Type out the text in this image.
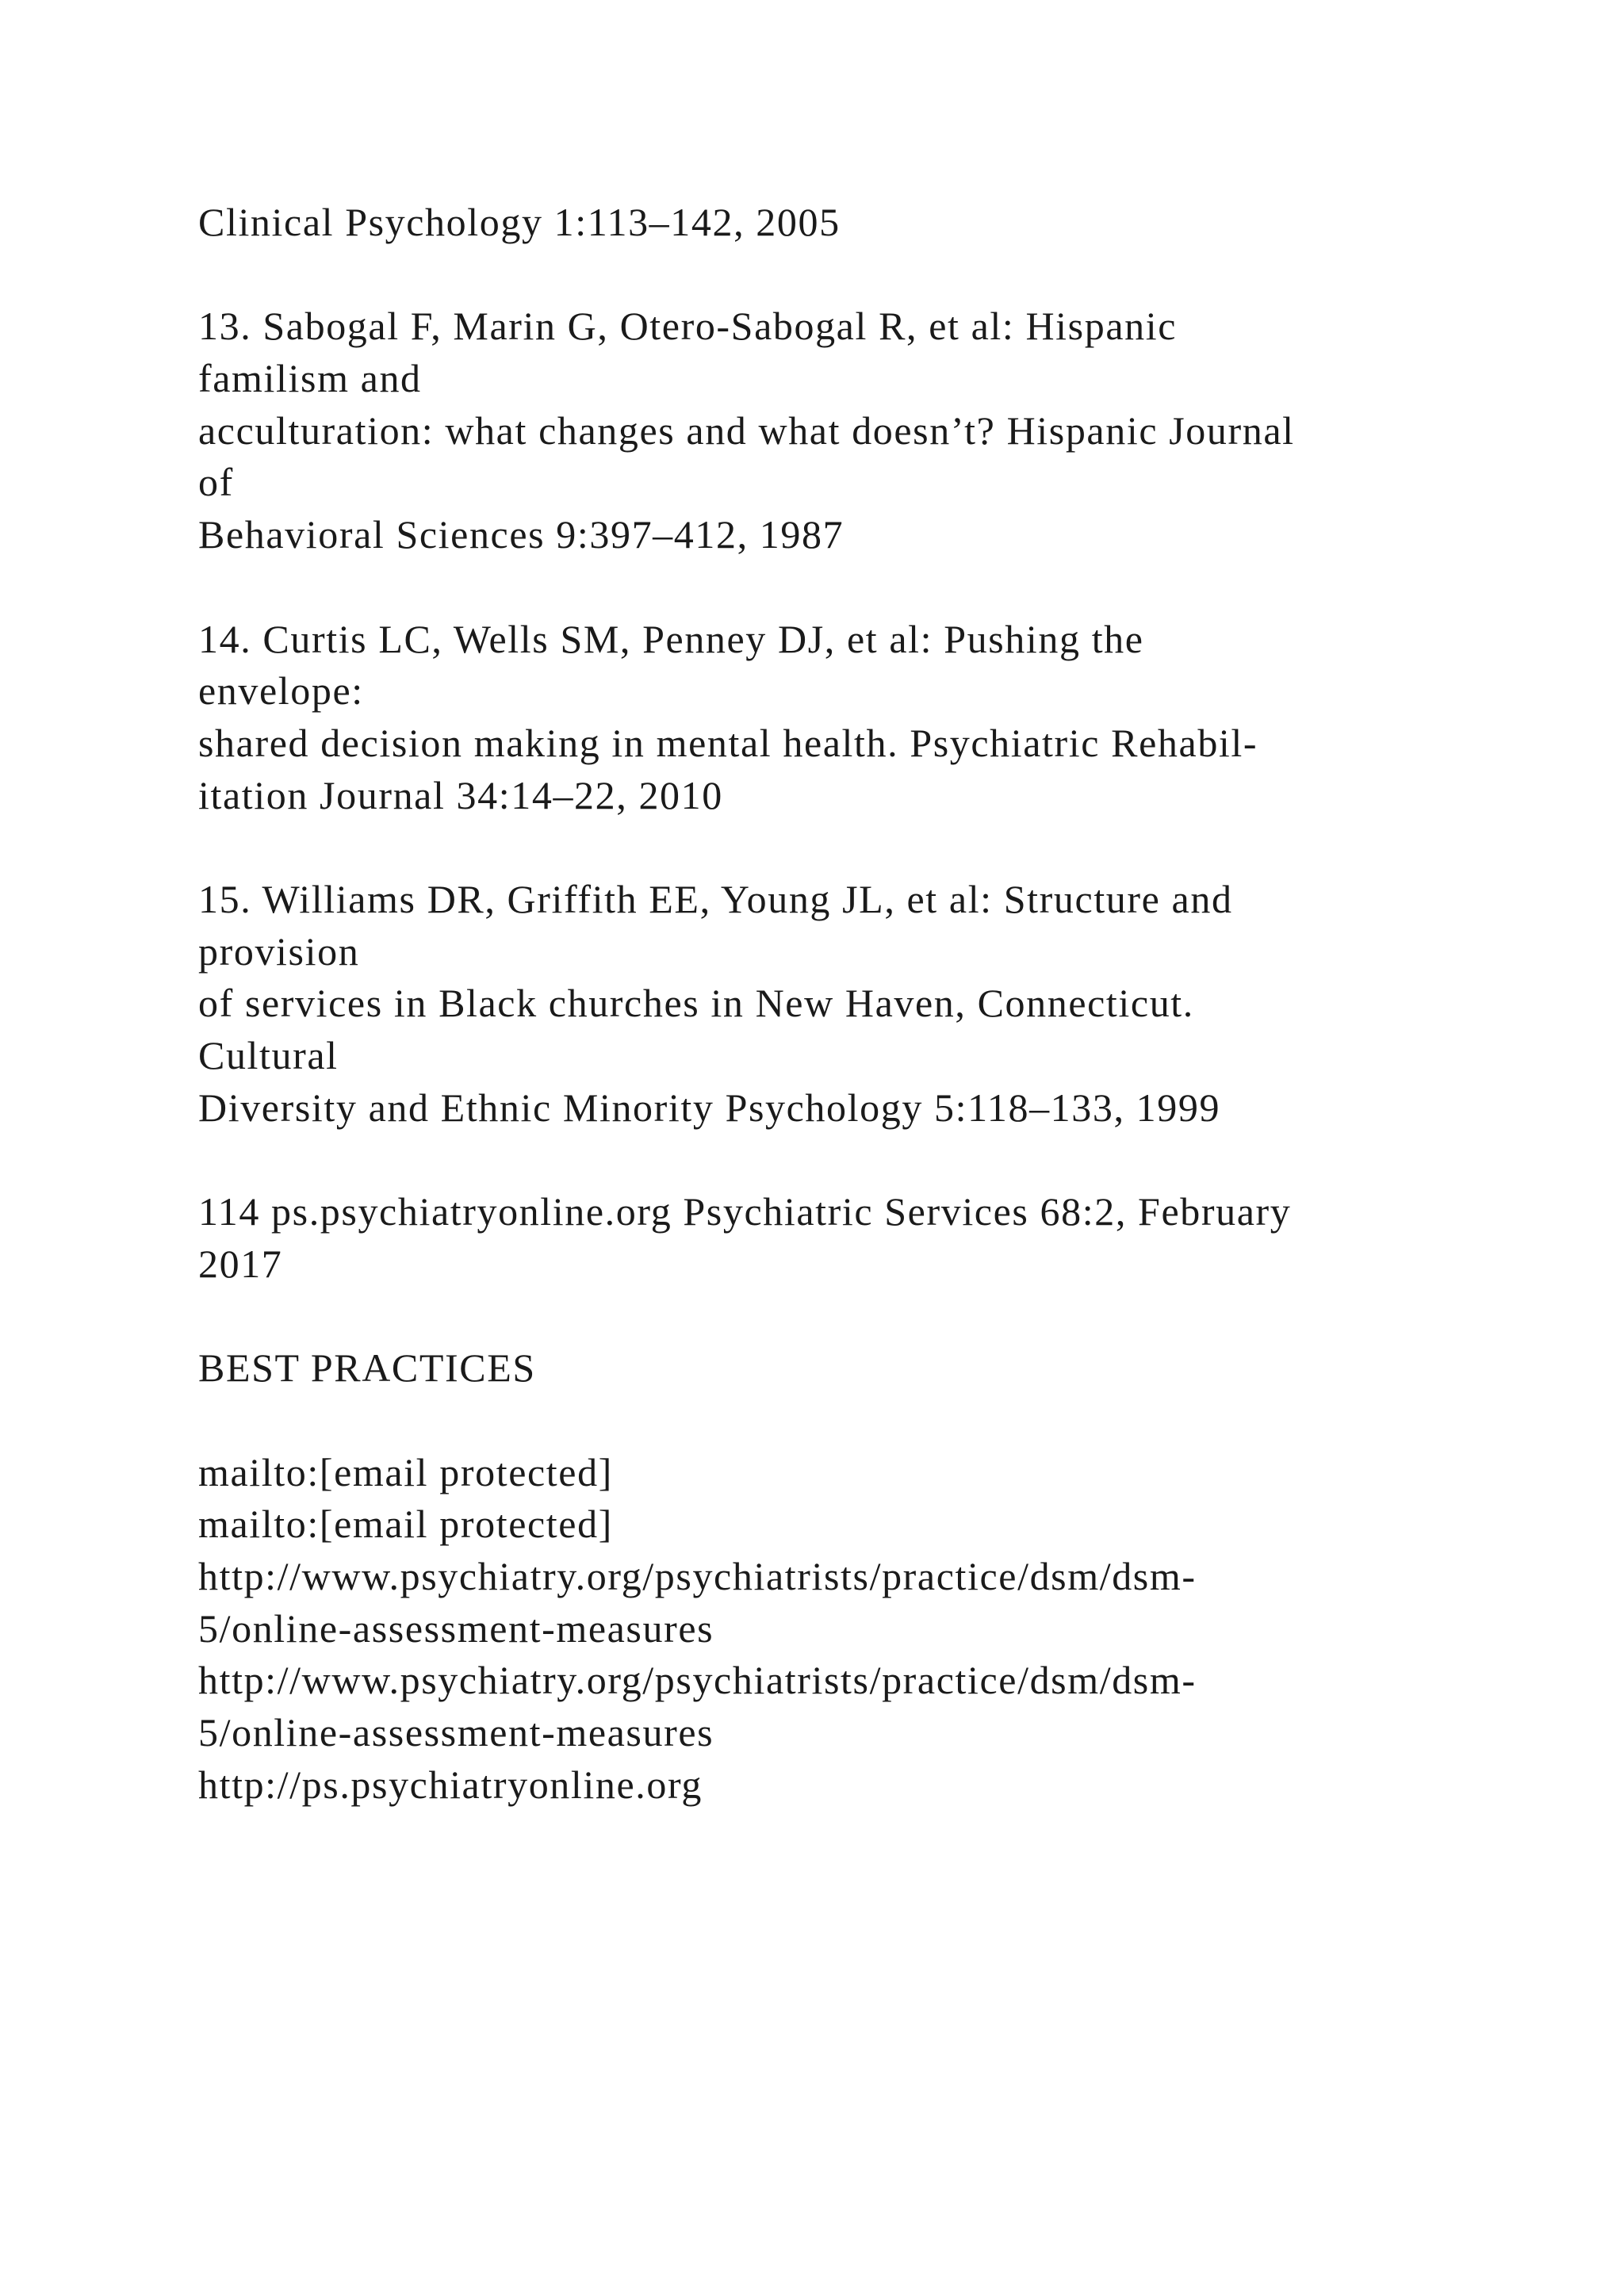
Clinical Psychology 1:113–142, 2005
13. Sabogal F, Marin G, Otero-Sabogal R, et al: Hispanic
familism and
acculturation: what changes and what doesn’t? Hispanic Journal
of
Behavioral Sciences 9:397–412, 1987
14. Curtis LC, Wells SM, Penney DJ, et al: Pushing the
envelope:
shared decision making in mental health. Psychiatric Rehabil-
itation Journal 34:14–22, 2010
15. Williams DR, Griffith EE, Young JL, et al: Structure and
provision
of services in Black churches in New Haven, Connecticut.
Cultural
Diversity and Ethnic Minority Psychology 5:118–133, 1999
114 ps.psychiatryonline.org Psychiatric Services 68:2, February
2017
BEST PRACTICES
mailto:[email protected]
mailto:[email protected]
http://www.psychiatry.org/psychiatrists/practice/dsm/dsm-
5/online-assessment-measures
http://www.psychiatry.org/psychiatrists/practice/dsm/dsm-
5/online-assessment-measures
http://ps.psychiatryonline.org
